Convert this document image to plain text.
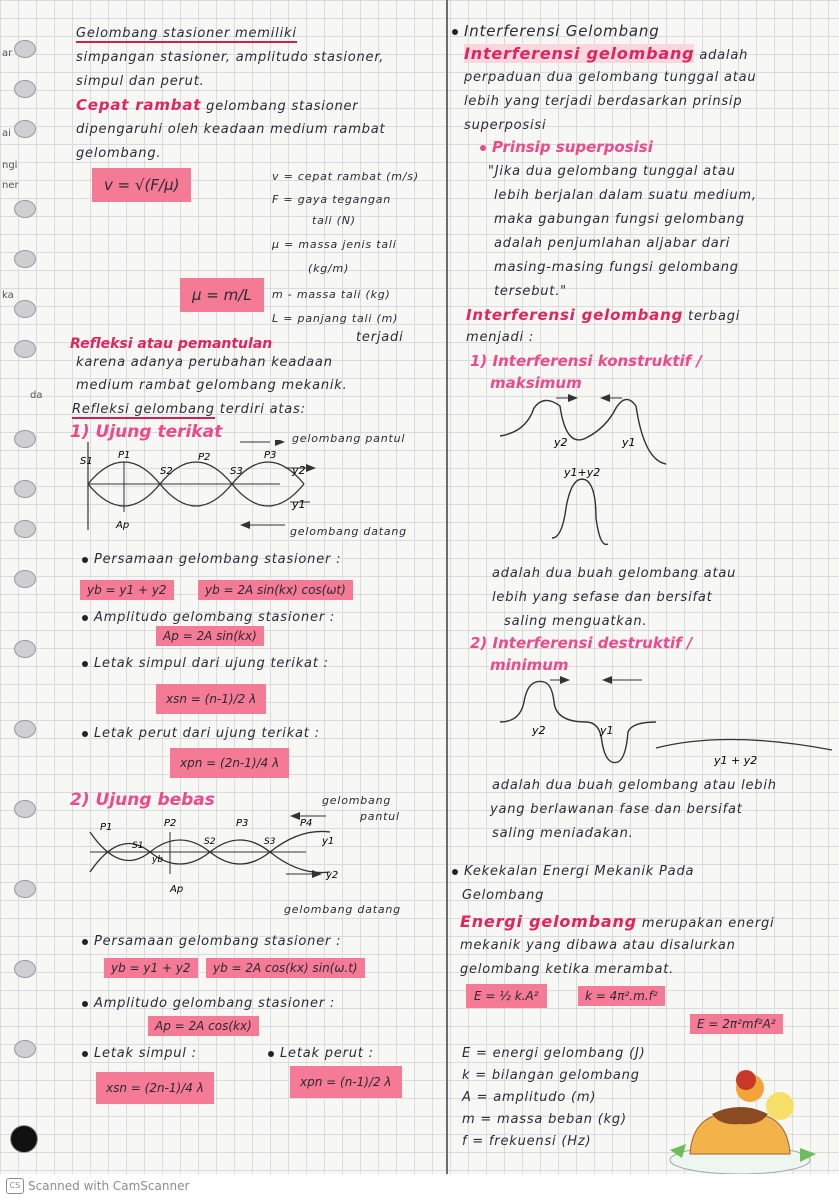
ar
ai
ngi
ner
ka
da
Gelombang stasioner memiliki
simpangan stasioner, amplitudo stasioner,
simpul dan perut.
Cepat rambat gelombang stasioner
dipengaruhi oleh keadaan medium rambat
gelombang.
v = √(F/μ)	v = cepat rambat (m/s)
F = gaya tegangan
tali (N)
μ = massa jenis tali
(kg/m)
μ = m/L	m - massa tali (kg)
L = panjang tali (m)
Refleksi atau pemantulan	terjadi
karena adanya perubahan keadaan
medium rambat gelombang mekanik.
Refleksi gelombang terdiri atas:
1) Ujung terikat
S1
P1
S2
P2
S3
P3
y2
y1
Ap
gelombang pantul
gelombang datang
Persamaan gelombang stasioner :
yb = y1 + y2	yb = 2A sin(kx) cos(ωt)
Amplitudo gelombang stasioner :
Ap = 2A sin(kx)
Letak simpul dari ujung terikat :
xsn = (n-1)/2 λ
Letak perut dari ujung terikat :
xpn = (2n-1)/4 λ
2) Ujung bebas	gelombang
pantul
P1	P2	P3	P4
S1	S2	S3	y1
y2
yb
Ap
gelombang datang
Persamaan gelombang stasioner :
yb = y1 + y2	yb = 2A cos(kx) sin(ω.t)
Amplitudo gelombang stasioner :
Ap = 2A cos(kx)
Letak simpul :	Letak perut :
xsn = (2n-1)/4 λ	xpn = (n-1)/2 λ
Interferensi Gelombang
Interferensi gelombang adalah
perpaduan dua gelombang tunggal atau
lebih yang terjadi berdasarkan prinsip
superposisi
Prinsip superposisi
"Jika dua gelombang tunggal atau
lebih berjalan dalam suatu medium,
maka gabungan fungsi gelombang
adalah penjumlahan aljabar dari
masing-masing fungsi gelombang
tersebut."
Interferensi gelombang terbagi
menjadi :
1) Interferensi konstruktif /
maksimum
y2	y1
y1+y2
adalah dua buah gelombang atau
lebih yang sefase dan bersifat
saling menguatkan.
2) Interferensi destruktif /
minimum
y2	y1
y1 + y2
adalah dua buah gelombang atau lebih
yang berlawanan fase dan bersifat
saling meniadakan.
Kekekalan Energi Mekanik Pada
Gelombang
Energi gelombang merupakan energi
mekanik yang dibawa atau disalurkan
gelombang ketika merambat.
E = ½ k.A²	k = 4π².m.f²
E = 2π²mf²A²
E = energi gelombang (J)
k = bilangan gelombang
A = amplitudo (m)
m = massa beban (kg)
f = frekuensi (Hz)
CS Scanned with CamScanner
